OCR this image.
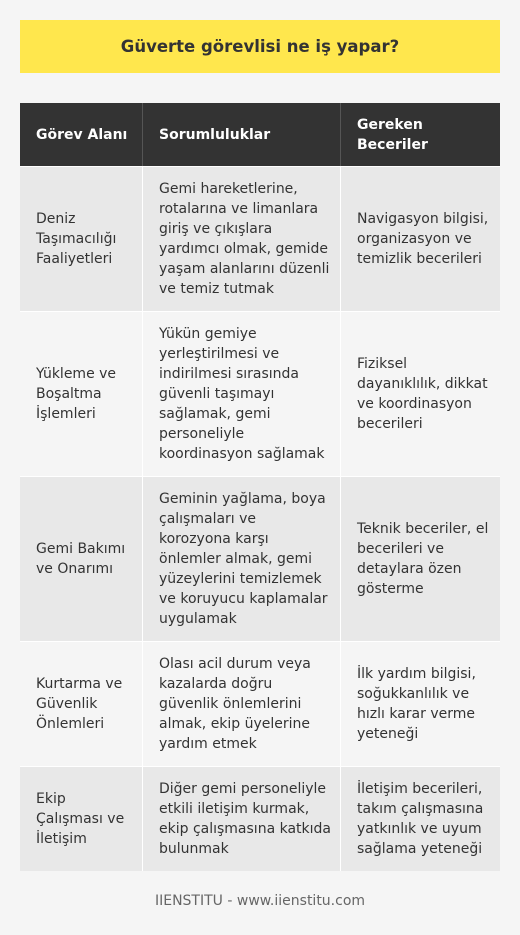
Güverte görevlisi ne iş yapar?
Görev Alanı	Sorumluluklar
Gereken Beceriler
Deniz Taşımacılığı Faaliyetleri
Gemi hareketlerine, rotalarına ve limanlara giriş ve çıkışlara yardımcı olmak, gemide yaşam alanlarını düzenli ve temiz tutmak
Navigasyon bilgisi, organizasyon ve temizlik becerileri
Yükleme ve Boşaltma İşlemleri
Yükün gemiye yerleştirilmesi ve indirilmesi sırasında güvenli taşımayı sağlamak, gemi personeliyle koordinasyon sağlamak
Fiziksel dayanıklılık, dikkat ve koordinasyon becerileri
Gemi Bakımı ve Onarımı
Geminin yağlama, boya çalışmaları ve korozyona karşı önlemler almak, gemi yüzeylerini temizlemek ve koruyucu kaplamalar uygulamak
Teknik beceriler, el becerileri ve detaylara özen gösterme
Kurtarma ve Güvenlik Önlemleri
Olası acil durum veya kazalarda doğru güvenlik önlemlerini almak, ekip üyelerine yardım etmek
İlk yardım bilgisi, soğukkanlılık ve hızlı karar verme yeteneği
Ekip Çalışması ve İletişim
Diğer gemi personeliyle etkili iletişim kurmak, ekip çalışmasına katkıda bulunmak
İletişim becerileri, takım çalışmasına yatkınlık ve uyum sağlama yeteneği
IIENSTITU - www.iienstitu.com
